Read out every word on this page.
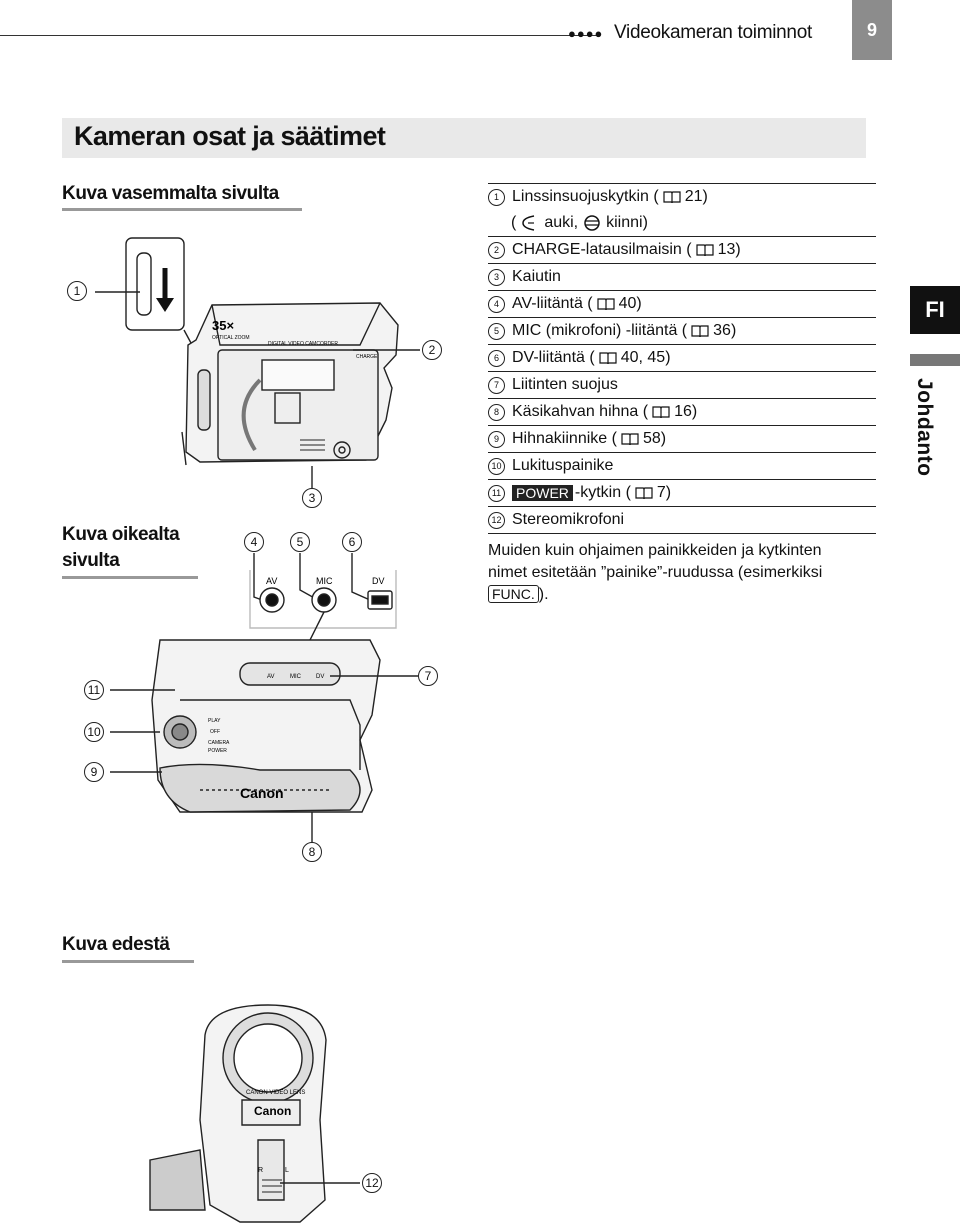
●●●● Videokameran toiminnot	9
Kameran osat ja säätimet
Kuva vasemmalta sivulta
Kuva oikealta
sivulta
Kuva edestä
35×
OPTICAL ZOOM
DIGITAL VIDEO CAMCORDER
CHARGE
AV	MIC	DV
AV	MIC	DV
PLAY
OFF
CAMERA
POWER
Canon
CANON VIDEO LENS
Canon
R	L
1
2
3
4	5	6
7
8
9
10
11
12
1 Linssinsuojuskytkin ( 21)
( auki, kiinni)
2 CHARGE-latausilmaisin ( 13)
3 Kaiutin
4 AV-liitäntä ( 40)
5 MIC (mikrofoni) -liitäntä ( 36)
6 DV-liitäntä ( 40, 45)
7 Liitinten suojus
8 Käsikahvan hihna ( 16)
9 Hihnakiinnike ( 58)
10 Lukituspainike
11 POWER -kytkin ( 7)
12 Stereomikrofoni
Muiden kuin ohjaimen painikkeiden ja kytkinten
nimet esitetään ”painike”-ruudussa (esimerkiksi
FUNC. ).
FI
Johdanto
